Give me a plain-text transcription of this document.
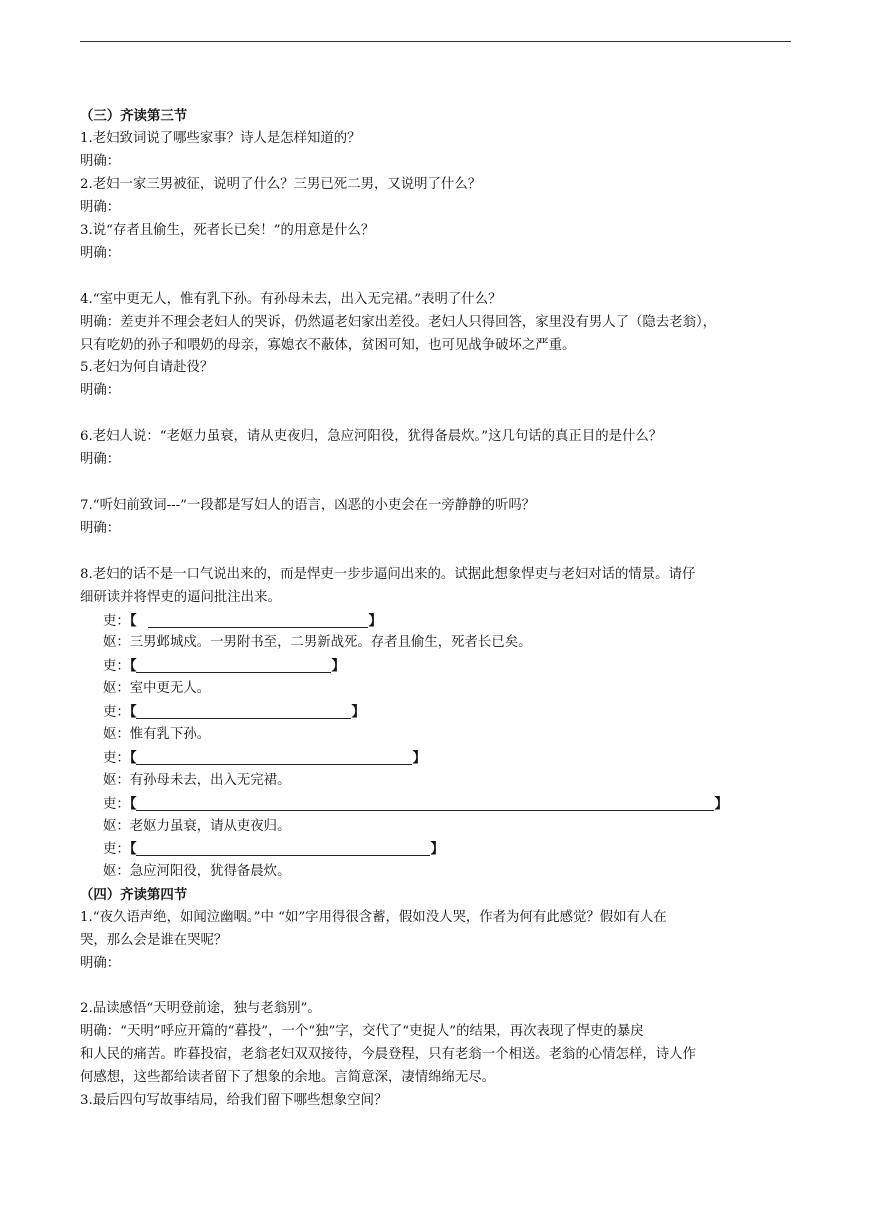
（三）齐读第三节
1.老妇致词说了哪些家事？诗人是怎样知道的？
明确：
2.老妇一家三男被征，说明了什么？三男已死二男，又说明了什么？
明确：
3.说“存者且偷生，死者长已矣！”的用意是什么？
明确：
4.“室中更无人，惟有乳下孙。有孙母未去，出入无完裙。”表明了什么？
明确：差吏并不理会老妇人的哭诉，仍然逼老妇家出差役。老妇人只得回答，家里没有男人了（隐去老翁），
只有吃奶的孙子和喂奶的母亲，寡媳衣不蔽体，贫困可知，也可见战争破坏之严重。
5.老妇为何自请赴役？
明确：
6.老妇人说：“老妪力虽衰，请从吏夜归，急应河阳役，犹得备晨炊。”这几句话的真正目的是什么？
明确：
7.“听妇前致词---”一段都是写妇人的语言，凶恶的小吏会在一旁静静的听吗？
明确：
8.老妇的话不是一口气说出来的，而是悍吏一步步逼问出来的。试据此想象悍吏与老妇对话的情景。请仔
细研读并将悍吏的逼问批注出来。
吏：【	】
妪：三男邺城戍。一男附书至，二男新战死。存者且偷生，死者长已矣。
吏：【	】
妪：室中更无人。
吏：【	】
妪：惟有乳下孙。
吏：【	】
妪：有孙母未去，出入无完裙。
吏：【	】
妪：老妪力虽衰，请从吏夜归。
吏：【	】
妪：急应河阳役，犹得备晨炊。
（四）齐读第四节
1.“夜久语声绝，如闻泣幽咽。”中 “如”字用得很含蓄，假如没人哭，作者为何有此感觉？假如有人在
哭，那么会是谁在哭呢？
明确：
2.品读感悟“天明登前途，独与老翁别”。
明确：“天明”呼应开篇的“暮投”，一个“独”字，交代了“吏捉人”的结果，再次表现了悍吏的暴戾
和人民的痛苦。昨暮投宿，老翁老妇双双接待，今晨登程，只有老翁一个相送。老翁的心情怎样，诗人作
何感想，这些都给读者留下了想象的余地。言简意深，凄情绵绵无尽。
3.最后四句写故事结局，给我们留下哪些想象空间？
